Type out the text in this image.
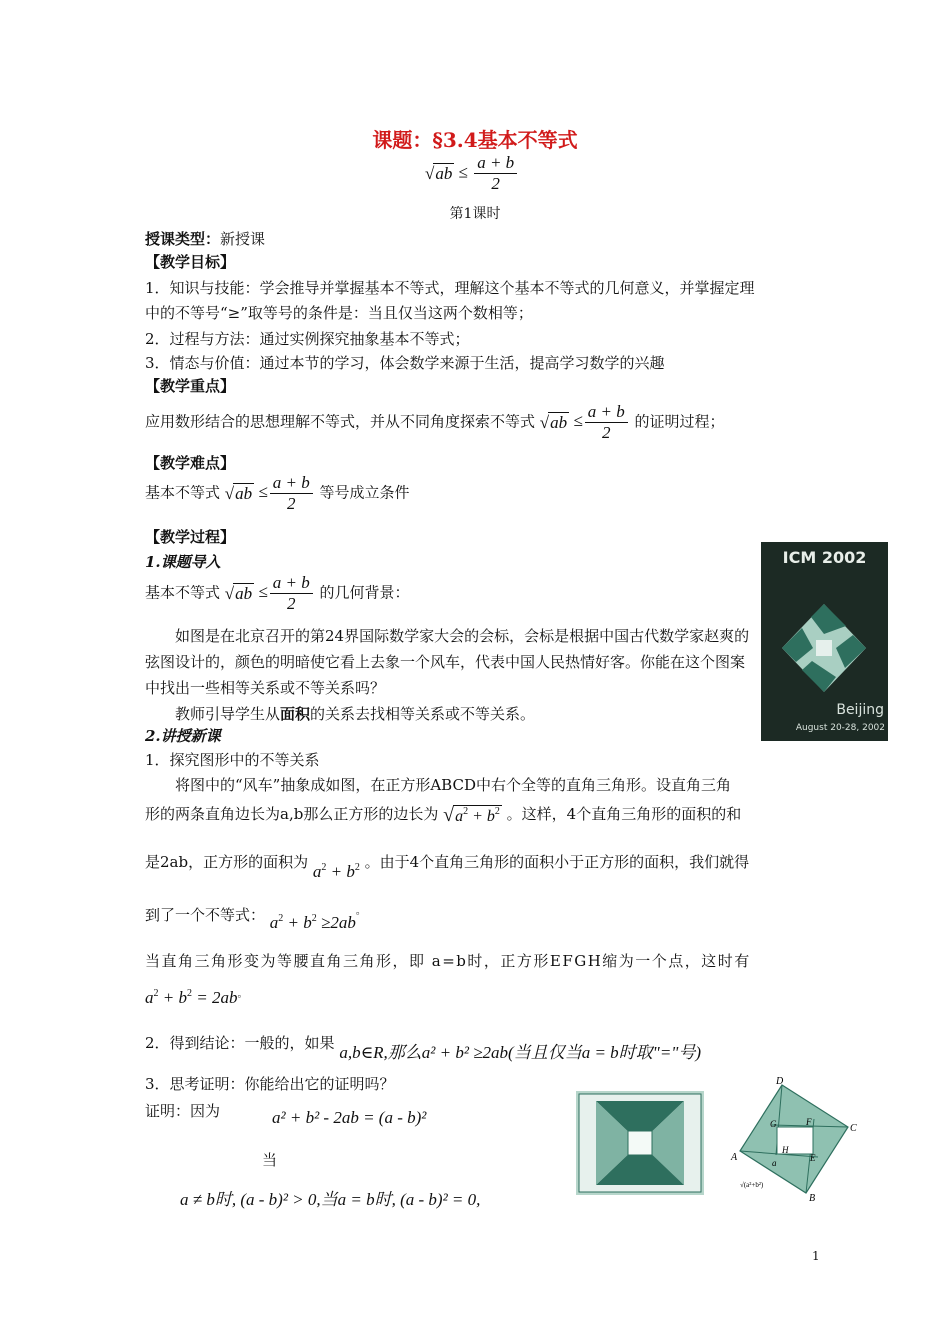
课题：§3.4基本不等式
$√ab \le \frac{a + b}{2}$
第1课时
授课类型：新授课
【教学目标】
1．知识与技能：学会推导并掌握基本不等式，理解这个基本不等式的几何意义，并掌握定理
中的不等号“≥”取等号的条件是：当且仅当这两个数相等；
2．过程与方法：通过实例探究抽象基本不等式；
3．情态与价值：通过本节的学习，体会数学来源于生活，提高学习数学的兴趣
【教学重点】
应用数形结合的思想理解不等式，并从不同角度探索不等式 $√ab \le \frac{a + b}{2}$ 的证明过程；
【教学难点】
基本不等式 $√ab \le \frac{a + b}{2}$ 等号成立条件
【教学过程】
1.课题导入
基本不等式 $√ab \le \frac{a + b}{2}$ 的几何背景：
如图是在北京召开的第24界国际数学家大会的会标，会标是根据中国古代数学家赵爽的弦图设计的，颜色的明暗使它看上去象一个风车，代表中国人民热情好客。你能在这个图案中找出一些相等关系或不等关系吗？
教师引导学生从面积的关系去找相等关系或不等关系。
ICM 2002
Beijing
August 20-28, 2002
2.讲授新课
1．探究图形中的不等关系
将图中的“风车”抽象成如图，在正方形ABCD中右个全等的直角三角形。设直角三角
形的两条直角边长为a,b那么正方形的边长为 $√a^2 + b^2$ 。这样，4个直角三角形的面积的和
是2ab，正方形的面积为 $a^2 + b^2$ 。由于4个直角三角形的面积小于正方形的面积，我们就得
到了一个不等式： $a^2 + b^2 \ge 2ab^。$
当直角三角形变为等腰直角三角形，即 a=b时，正方形EFGH缩为一个点，这时有
$a^2 + b^2 = 2ab^。$
2．得到结论：一般的，如果 a,b∈R,那么a² + b² ≥2ab(当且仅当a = b时取"="号)
3．思考证明：你能给出它的证明吗？
证明：因为	a² + b² - 2ab = (a - b)²
当
a ≠ b时, (a - b)² > 0,当a = b时, (a - b)² = 0,
D
C
A
B
F
G
H
E
a
√(a²+b²)
1
